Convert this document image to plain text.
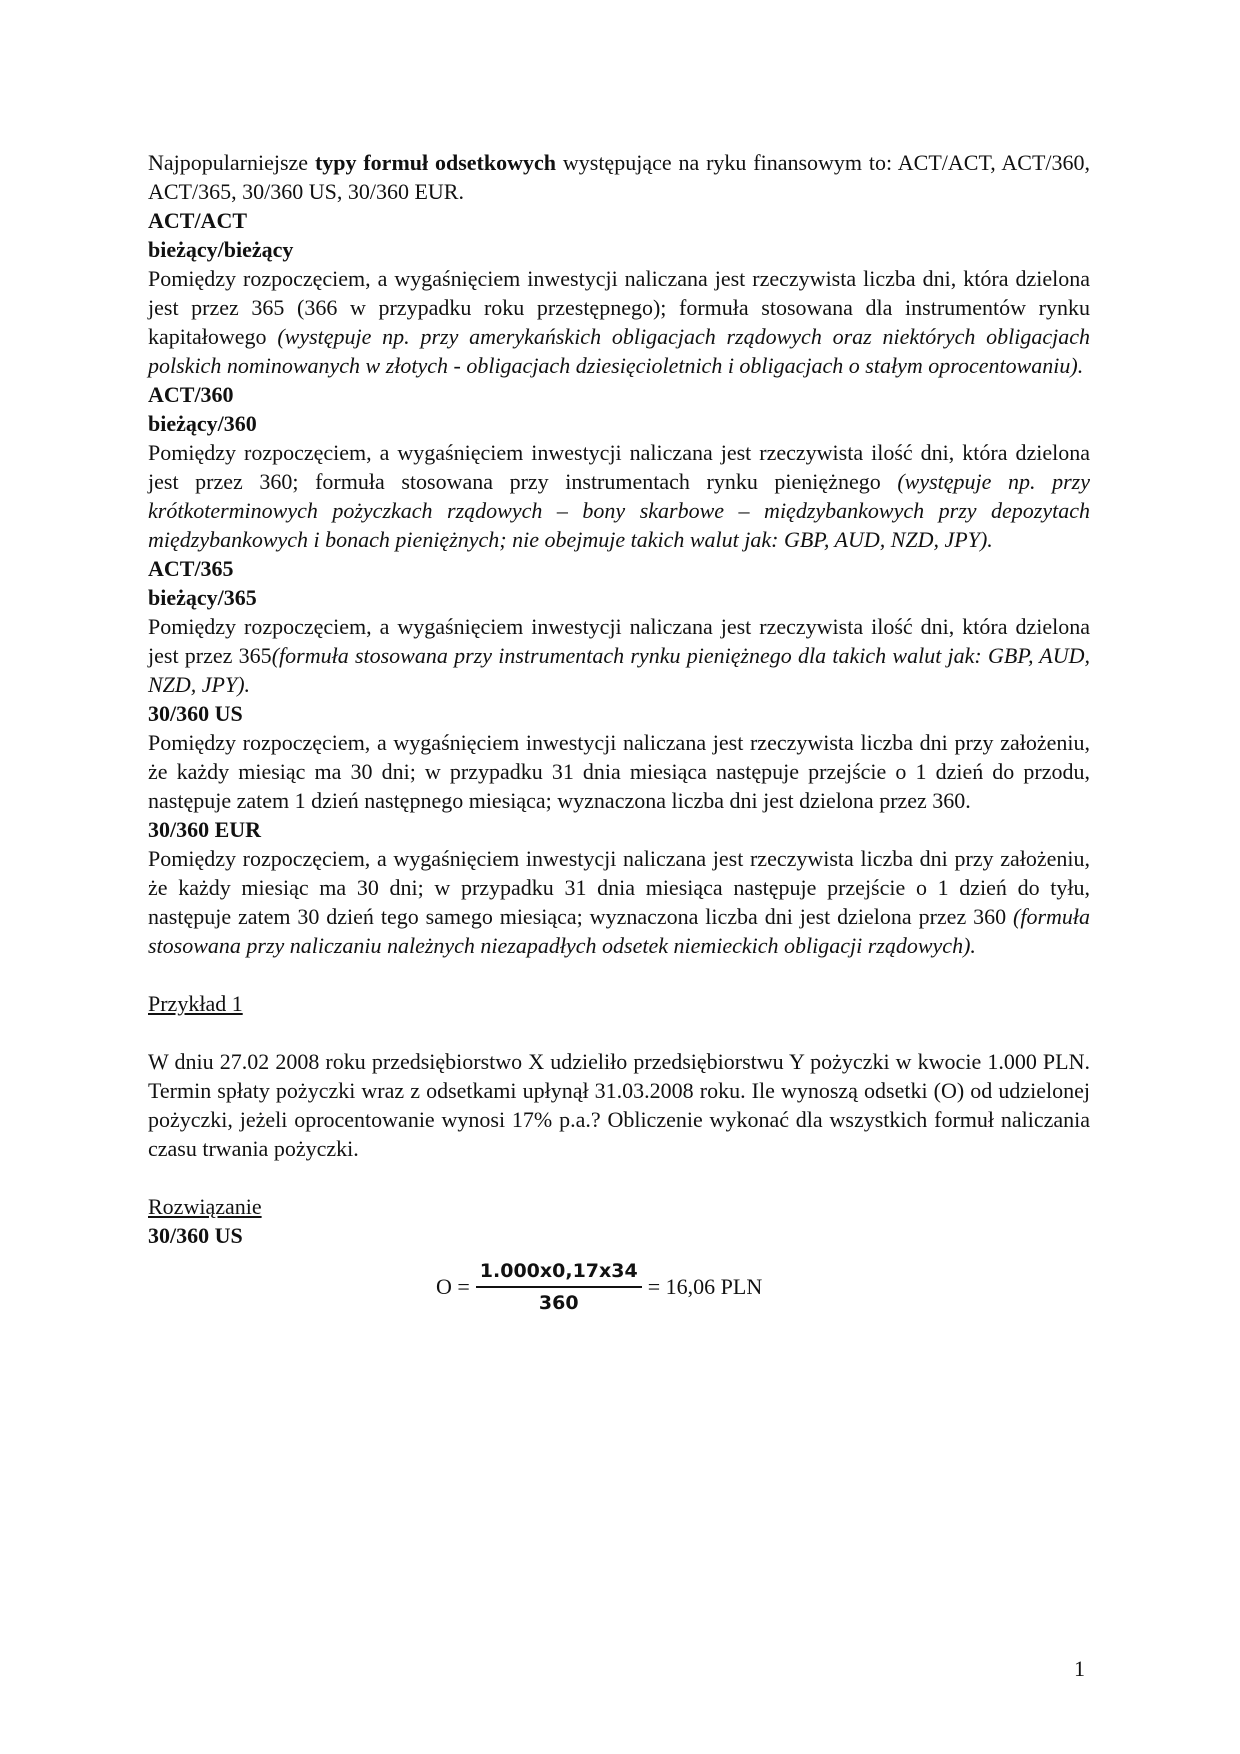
Najpopularniejsze typy formuł odsetkowych występujące na ryku finansowym to: ACT/ACT, ACT/360, ACT/365, 30/360 US, 30/360 EUR.

ACT/ACT

bieżący/bieżący

Pomiędzy rozpoczęciem, a wygaśnięciem inwestycji naliczana jest rzeczywista liczba dni, która dzielona jest przez 365 (366 w przypadku roku przestępnego); formuła stosowana dla instrumentów rynku kapitałowego (występuje np. przy amerykańskich obligacjach rządowych oraz niektórych obligacjach polskich nominowanych w złotych - obligacjach dziesięcioletnich i obligacjach o stałym oprocentowaniu).

ACT/360

bieżący/360

Pomiędzy rozpoczęciem, a wygaśnięciem inwestycji naliczana jest rzeczywista ilość dni, która dzielona jest przez 360; formuła stosowana przy instrumentach rynku pieniężnego (występuje np. przy krótkoterminowych pożyczkach rządowych – bony skarbowe – międzybankowych przy depozytach międzybankowych i bonach pieniężnych; nie obejmuje takich walut jak: GBP, AUD, NZD, JPY).

ACT/365

bieżący/365

Pomiędzy rozpoczęciem, a wygaśnięciem inwestycji naliczana jest rzeczywista ilość dni, która dzielona jest przez 365(formuła stosowana przy instrumentach rynku pieniężnego dla takich walut jak: GBP, AUD, NZD, JPY).

30/360 US

Pomiędzy rozpoczęciem, a wygaśnięciem inwestycji naliczana jest rzeczywista liczba dni przy założeniu, że każdy miesiąc ma 30 dni; w przypadku 31 dnia miesiąca następuje przejście o 1 dzień do przodu, następuje zatem 1 dzień następnego miesiąca; wyznaczona liczba dni jest dzielona przez 360.

30/360 EUR

Pomiędzy rozpoczęciem, a wygaśnięciem inwestycji naliczana jest rzeczywista liczba dni przy założeniu, że każdy miesiąc ma 30 dni; w przypadku 31 dnia miesiąca następuje przejście o 1 dzień do tyłu, następuje zatem 30 dzień tego samego miesiąca; wyznaczona liczba dni jest dzielona przez 360 (formuła stosowana przy naliczaniu należnych niezapadłych odsetek niemieckich obligacji rządowych).

Przykład 1

W dniu 27.02 2008 roku przedsiębiorstwo X udzieliło przedsiębiorstwu Y pożyczki w kwocie 1.000 PLN. Termin spłaty pożyczki wraz z odsetkami upłynął 31.03.2008 roku. Ile wynoszą odsetki (O) od udzielonej pożyczki, jeżeli oprocentowanie wynosi 17% p.a.? Obliczenie wykonać dla wszystkich formuł naliczania czasu trwania pożyczki.

Rozwiązanie

30/360 US

$O = \frac{1.000x0,17x34}{360} = 16,06$ PLN
1
